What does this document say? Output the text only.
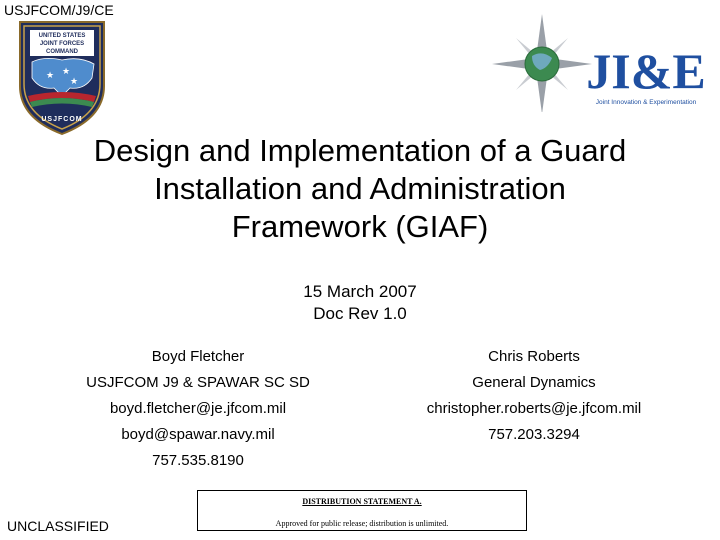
USJFCOM/J9/CE
UNITED STATES
JOINT FORCES
COMMAND
★ ★
★
USJFCOM
JI&E
Joint Innovation & Experimentation
Design and Implementation of a Guard
Installation and Administration
Framework (GIAF)
15 March 2007
Doc Rev 1.0
Boyd Fletcher
USJFCOM J9 & SPAWAR SC SD
boyd.fletcher@je.jfcom.mil
boyd@spawar.navy.mil
757.535.8190
Chris Roberts
General Dynamics
christopher.roberts@je.jfcom.mil
757.203.3294
DISTRIBUTION STATEMENT A.
Approved for public release; distribution is unlimited.
UNCLASSIFIED
